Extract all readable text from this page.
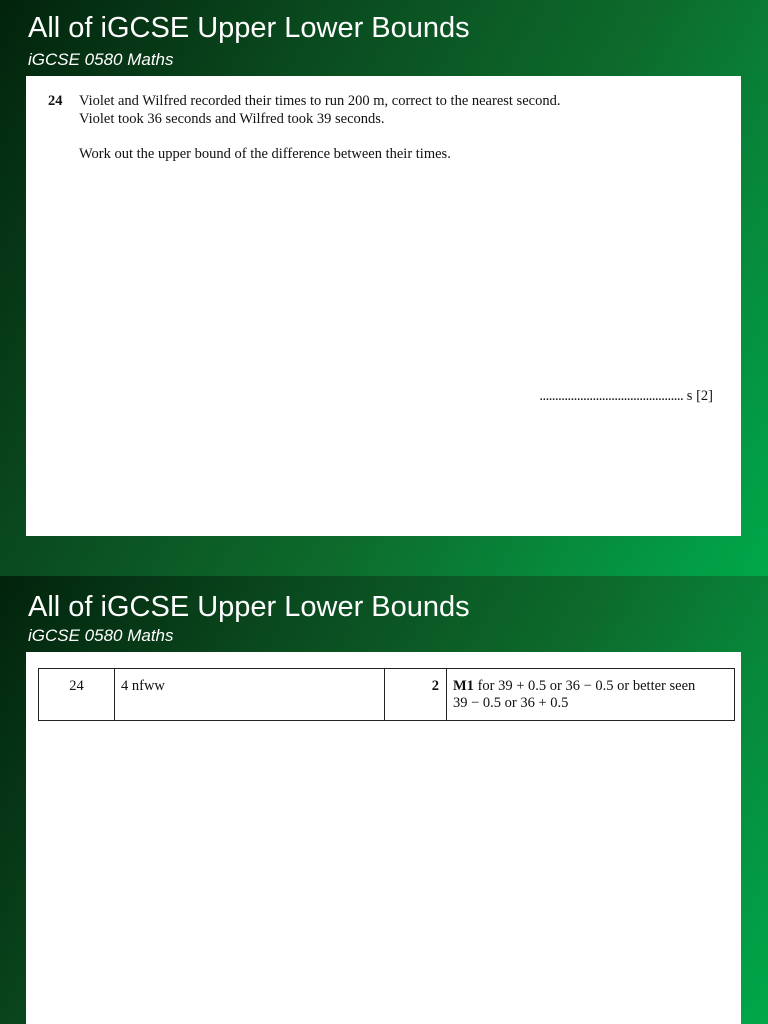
All of iGCSE Upper Lower Bounds
iGCSE 0580 Maths
24 Violet and Wilfred recorded their times to run 200 m, correct to the nearest second.
Violet took 36 seconds and Wilfred took 39 seconds.
Work out the upper bound of the difference between their times.
.............................................. s [2]
All of iGCSE Upper Lower Bounds
iGCSE 0580 Maths
24	4 nfww	2	M1 for 39 + 0.5 or 36 − 0.5 or better seen
39 − 0.5 or 36 + 0.5
